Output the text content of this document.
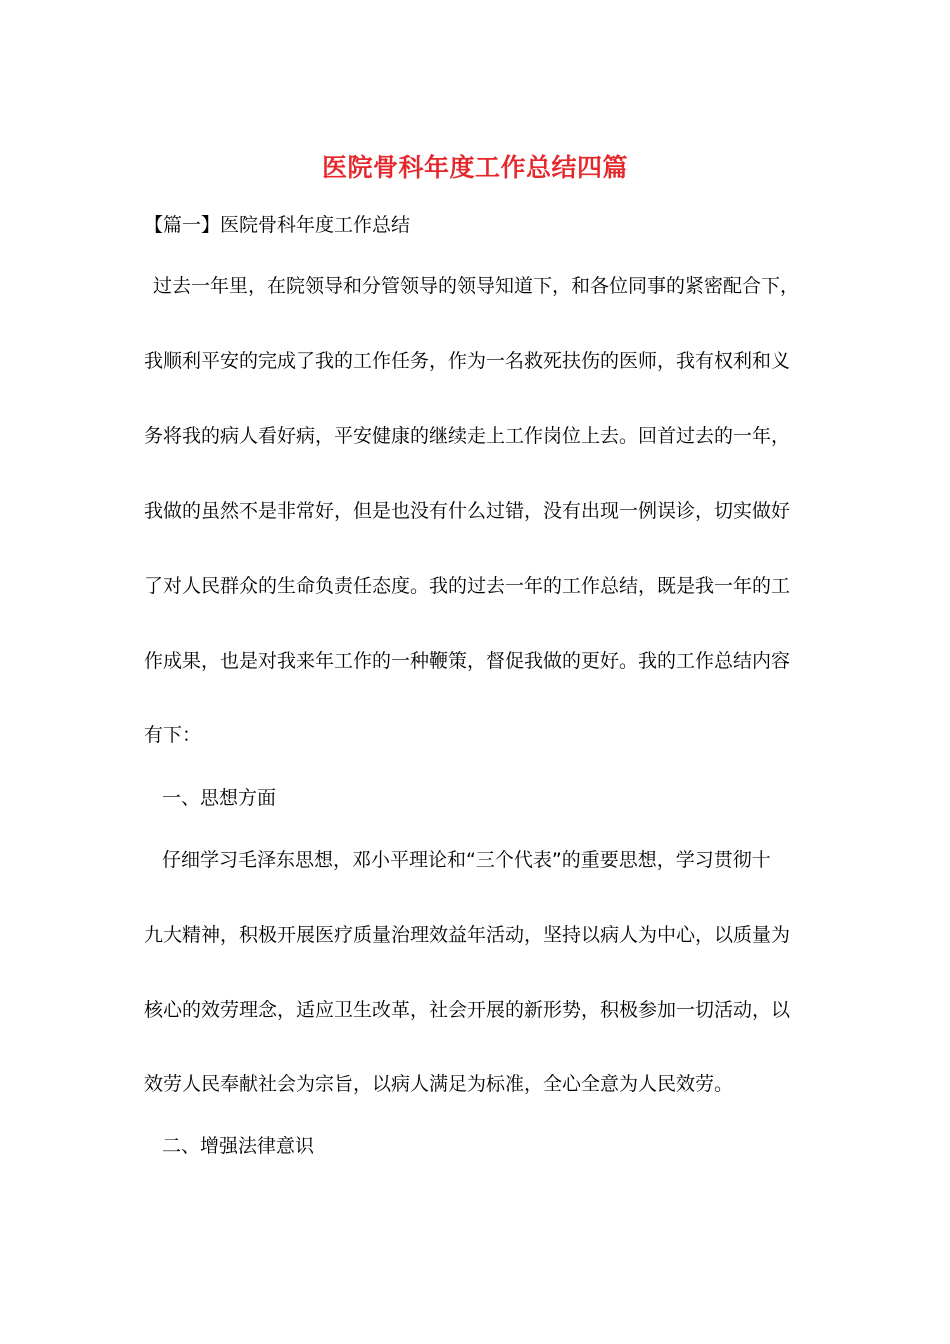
医院骨科年度工作总结四篇
【篇一】医院骨科年度工作总结
过去一年里，在院领导和分管领导的领导知道下，和各位同事的紧密配合下，
我顺利平安的完成了我的工作任务，作为一名救死扶伤的医师，我有权利和义
务将我的病人看好病，平安健康的继续走上工作岗位上去。回首过去的一年，
我做的虽然不是非常好，但是也没有什么过错，没有出现一例误诊，切实做好
了对人民群众的生命负责任态度。我的过去一年的工作总结，既是我一年的工
作成果，也是对我来年工作的一种鞭策，督促我做的更好。我的工作总结内容
有下：
一、思想方面
仔细学习毛泽东思想，邓小平理论和“三个代表”的重要思想，学习贯彻十
九大精神，积极开展医疗质量治理效益年活动，坚持以病人为中心，以质量为
核心的效劳理念，适应卫生改革，社会开展的新形势，积极参加一切活动，以
效劳人民奉献社会为宗旨，以病人满足为标准，全心全意为人民效劳。
二、增强法律意识
